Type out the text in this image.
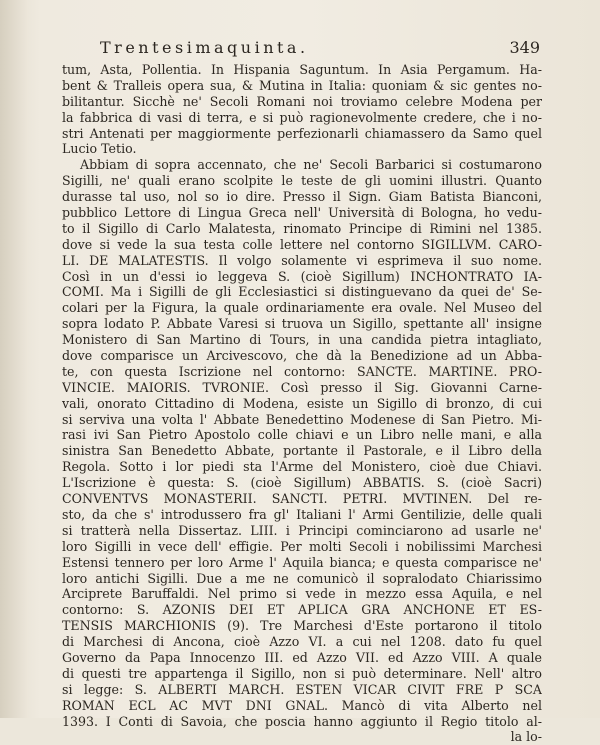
Trentesimaquinta.	349
tum, Asta, Pollentia. In Hispania Saguntum. In Asia Pergamum. Ha-
bent & Tralleis opera sua, & Mutina in Italia: quoniam & sic gentes no-
bilitantur. Sicchè ne' Secoli Romani noi troviamo celebre Modena per
la fabbrica di vasi di terra, e si può ragionevolmente credere, che i no-
stri Antenati per maggiormente perfezionarli chiamassero da Samo quel
Lucio Tetio.
Abbiam di sopra accennato, che ne' Secoli Barbarici si costumarono
Sigilli, ne' quali erano scolpite le teste de gli uomini illustri. Quanto
durasse tal uso, nol so io dire. Presso il Sign. Giam Batista Bianconi,
pubblico Lettore di Lingua Greca nell' Università di Bologna, ho vedu-
to il Sigillo di Carlo Malatesta, rinomato Principe di Rimini nel 1385.
dove si vede la sua testa colle lettere nel contorno SIGILLVM. CARO-
LI. DE MALATESTIS. Il volgo solamente vi esprimeva il suo nome.
Così in un d'essi io leggeva S. (cioè Sigillum) INCHONTRATO IA-
COMI. Ma i Sigilli de gli Ecclesiastici si distinguevano da quei de' Se-
colari per la Figura, la quale ordinariamente era ovale. Nel Museo del
sopra lodato P. Abbate Varesi si truova un Sigillo, spettante all' insigne
Monistero di San Martino di Tours, in una candida pietra intagliato,
dove comparisce un Arcivescovo, che dà la Benedizione ad un Abba-
te, con questa Iscrizione nel contorno: SANCTE. MARTINE. PRO-
VINCIE. MAIORIS. TVRONIE. Così presso il Sig. Giovanni Carne-
vali, onorato Cittadino di Modena, esiste un Sigillo di bronzo, di cui
si serviva una volta l' Abbate Benedettino Modenese di San Pietro. Mi-
rasi ivi San Pietro Apostolo colle chiavi e un Libro nelle mani, e alla
sinistra San Benedetto Abbate, portante il Pastorale, e il Libro della
Regola. Sotto i lor piedi sta l'Arme del Monistero, cioè due Chiavi.
L'Iscrizione è questa: S. (cioè Sigillum) ABBATIS. S. (cioè Sacri)
CONVENTVS MONASTERII. SANCTI. PETRI. MVTINEN. Del re-
sto, da che s' introdussero fra gl' Italiani l' Armi Gentilizie, delle quali
si tratterà nella Dissertaz. LIII. i Principi cominciarono ad usarle ne'
loro Sigilli in vece dell' effigie. Per molti Secoli i nobilissimi Marchesi
Estensi tennero per loro Arme l' Aquila bianca; e questa comparisce ne'
loro antichi Sigilli. Due a me ne comunicò il sopralodato Chiarissimo
Arciprete Baruffaldi. Nel primo si vede in mezzo essa Aquila, e nel
contorno: S. AZONIS DEI ET APLICA GRA ANCHONE ET ES-
TENSIS MARCHIONIS (9). Tre Marchesi d'Este portarono il titolo
di Marchesi di Ancona, cioè Azzo VI. a cui nel 1208. dato fu quel
Governo da Papa Innocenzo III. ed Azzo VII. ed Azzo VIII. A quale
di questi tre appartenga il Sigillo, non si può determinare. Nell' altro
si legge: S. ALBERTI MARCH. ESTEN VICAR CIVIT FRE P SCA
ROMAN ECL AC MVT DNI GNAL. Mancò di vita Alberto nel
1393. I Conti di Savoia, che poscia hanno aggiunto il Regio titolo al-
la lo-
